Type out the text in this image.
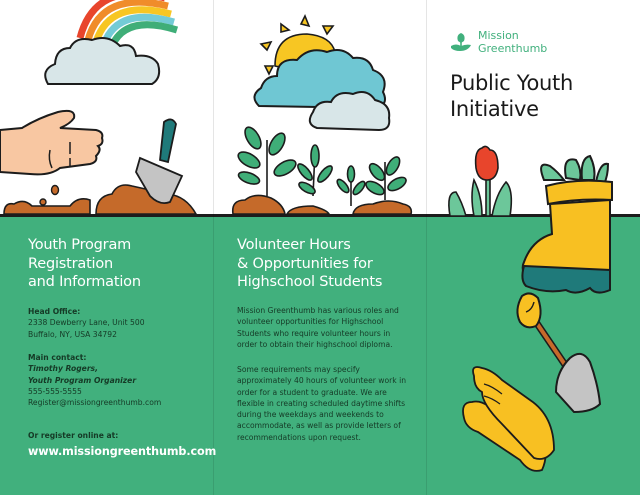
Youth Program
Registration
and Information
Head Office:
2338 Dewberry Lane, Unit 500
Buffalo, NY, USA 34792
Main contact:
Timothy Rogers,
Youth Program Organizer
555-555-5555
Register@missiongreenthumb.com
Or register online at:
www.missiongreenthumb.com
Volunteer Hours
& Opportunities for
Highschool Students
Mission Greenthumb has various roles and
volunteer opportunities for Highschool
Students who require volunteer hours in
order to obtain their highschool diploma.
Some requirements may specify
approximately 40 hours of volunteer work in
order for a student to graduate. We are
flexible in creating scheduled daytime shifts
during the weekdays and weekends to
accommodate, as well as provide letters of
recommendations upon request.
Mission
Greenthumb
Public Youth
Initiative
